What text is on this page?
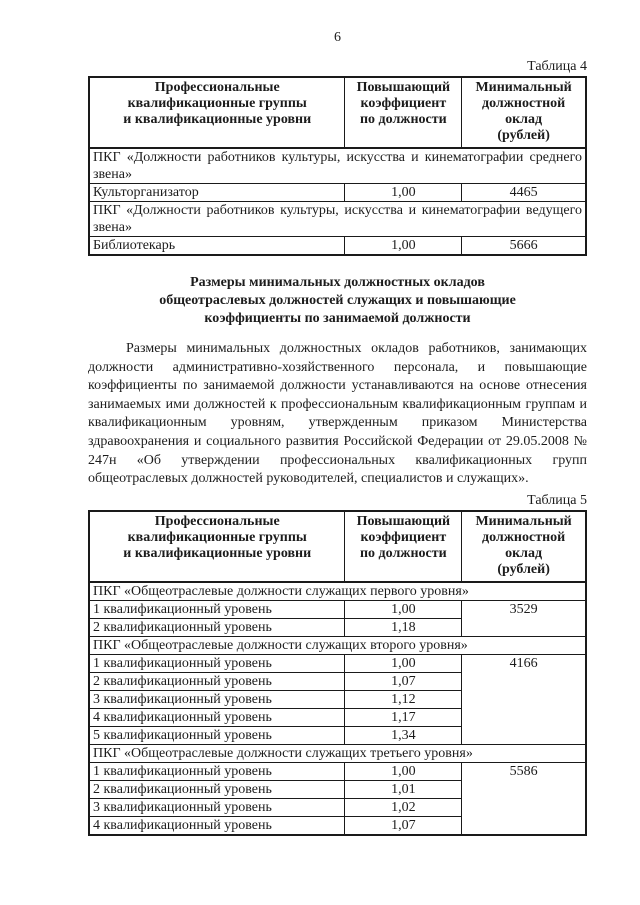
6
Таблица 4
Профессиональные
квалификационные группы
и квалификационные уровни

Повышающий
коэффициент
по должности

Минимальный
должностной
оклад
(рублей)

ПКГ «Должности работников культуры, искусства и кинематографии среднего звена»		
Культорганизатор	1,00	4465
ПКГ «Должности работников культуры, искусства и кинематографии ведущего звена»		
Библиотекарь	1,00	5666
Размеры минимальных должностных окладов
общеотраслевых должностей служащих и повышающие
коэффициенты по занимаемой должности
Размеры минимальных должностных окладов работников, занимающих должности административно-хозяйственного персонала, и повышающие коэффициенты по занимаемой должности устанавливаются на основе отнесения занимаемых ими должностей к профессиональным квалификационным группам и квалификационным уровням, утвержденным приказом Министерства здравоохранения и социального развития Российской Федерации от 29.05.2008 № 247н «Об утверждении профессиональных квалификационных групп общеотраслевых должностей руководителей, специалистов и служащих».
Таблица 5
Профессиональные
квалификационные группы
и квалификационные уровни

Повышающий
коэффициент
по должности

Минимальный
должностной
оклад
(рублей)

ПКГ «Общеотраслевые должности служащих первого уровня»		
1 квалификационный уровень	1,00	3529
2 квалификационный уровень	1,18	
ПКГ «Общеотраслевые должности служащих второго уровня»		
1 квалификационный уровень	1,00	4166
2 квалификационный уровень	1,07	
3 квалификационный уровень	1,12	
4 квалификационный уровень	1,17	
5 квалификационный уровень	1,34	
ПКГ «Общеотраслевые должности служащих третьего уровня»		
1 квалификационный уровень	1,00	5586
2 квалификационный уровень	1,01	
3 квалификационный уровень	1,02	
4 квалификационный уровень	1,07	
